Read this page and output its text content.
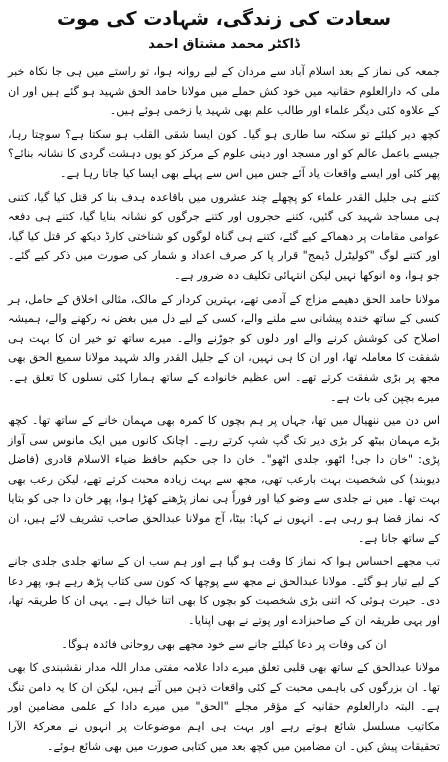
سعادت کی زندگی، شہادت کی موت
ڈاکٹر محمد مشتاق احمد

جمعہ کی نماز کے بعد اسلام آباد سے مردان کے لیے روانہ ہوا، تو راستے میں ہی جا نکاہ خبر ملی کہ دارالعلوم حقانیہ میں خود کش حملے میں مولانا حامد الحق شہید ہو گئے ہیں اور ان کے علاوہ کئی دیگر علماء اور طالب علم بھی شہید یا زخمی ہوئے ہیں۔

کچھ دیر کیلئے تو سکتہ سا طاری ہو گیا۔ کون ایسا شقی القلب ہو سکتا ہے؟ سوچتا رہا، جیسے باعمل عالم کو اور مسجد اور دینی علوم کے مرکز کو یوں دہشت گردی کا نشانہ بنائے؟ پھر کئی اور ایسے واقعات یاد آئے جس میں اس سے پہلے بھی ایسا کیا جاتا رہا ہے۔

کتنے ہی جلیل القدر علماء کو پچھلے چند عشروں میں باقاعدہ ہدف بنا کر قتل کیا گیا، کتنی ہی مساجد شہید کی گئیں، کتنے حجروں اور کتنے جرگوں کو نشانہ بنایا گیا، کتنے ہی دفعہ عوامی مقامات پر دھماکے کیے گئے، کتنے ہی گناہ لوگوں کو شناختی کارڈ دیکھ کر قتل کیا گیا، اور کتنے لوگ "کولیٹرل ڈیمج" قرار پا کر صرف اعداد و شمار کی صورت میں ذکر کیے گئے۔ جو ہوا، وہ انوکھا نہیں لیکن انتہائی تکلیف دہ ضرور ہے۔

مولانا حامد الحق دھیمے مزاج کے آدمی تھے، بہترین کردار کے مالک، مثالی اخلاق کے حامل، ہر کسی کے ساتھ خندہ پیشانی سے ملنے والے، کسی کے لیے دل میں بغض نہ رکھنے والے، ہمیشہ اصلاح کی کوشش کرنے والے اور دلوں کو جوڑنے والے۔ میرے ساتھ تو خیر ان کا بہت ہی شفقت کا معاملہ تھا، اور ان کا ہی نہیں، ان کے جلیل القدر والد شہید مولانا سمیع الحق بھی مجھ پر بڑی شفقت کرتے تھے۔ اس عظیم خانوادے کے ساتھ ہمارا کئی نسلوں کا تعلق ہے۔ میرے بچپن کی بات ہے۔

اس دن میں ننھیال میں تھا، جہاں پر ہم بچوں کا کمرہ بھی مہمان خانے کے ساتھ تھا۔ کچھ بڑے مہمان بیٹھ کر بڑی دیر تک گپ شپ کرتے رہے۔ اچانک کانوں میں ایک مانوس سی آواز پڑی: "خان دا جی! اٹھو، جلدی اٹھو"۔ خان دا جی حکیم حافظ ضیاء الاسلام قادری (فاضل دیوبند) کی شخصیت بہت بارعب تھی، مجھ سے بہت زیادہ محبت کرتے تھے، لیکن رعب بھی بہت تھا۔ میں نے جلدی سے وضو کیا اور فوراً ہی نماز پڑھنے کھڑا ہوا، پھر خان دا جی کو بتایا کہ نماز قضا ہو رہی ہے۔ انہوں نے کہا: بیٹا، آج مولانا عبدالحق صاحب تشریف لائے ہیں، ان کے ساتھ جانا ہے۔

تب مجھے احساس ہوا کہ نماز کا وقت ہو گیا ہے اور ہم سب ان کے ساتھ جلدی جلدی جانے کے لیے تیار ہو گئے۔ مولانا عبدالحق نے مجھ سے پوچھا کہ کون سی کتاب پڑھ رہے ہو، پھر دعا دی۔ حیرت ہوئی کہ اتنی بڑی شخصیت کو بچوں کا بھی اتنا خیال ہے۔ یہی ان کا طریقہ تھا، اور یہی طریقہ ان کے صاحبزادے اور پوتے نے بھی اپنایا۔

ان کی وفات پر دعا کیلئے جانے سے خود مجھے بھی روحانی فائدہ ہوگا۔

مولانا عبدالحق کے ساتھ بھی قلبی تعلق میرے دادا علامہ مفتی مدار اللہ مدار نقشبندی کا بھی تھا۔ ان بزرگوں کی باہمی محبت کے کئی واقعات ذہن میں آتے ہیں، لیکن ان کا یہ دامن تنگ ہے۔ البتہ دارالعلوم حقانیہ کے مؤقر مجلے "الحق" میں میرے دادا کے علمی مضامین اور مکاتیب مسلسل شائع ہوتے رہے اور بہت ہی اہم موضوعات پر انہوں نے معرکۃ الآرا تحقیقات پیش کیں۔ ان مضامین میں کچھ بعد میں کتابی صورت میں بھی شائع ہوئے۔
